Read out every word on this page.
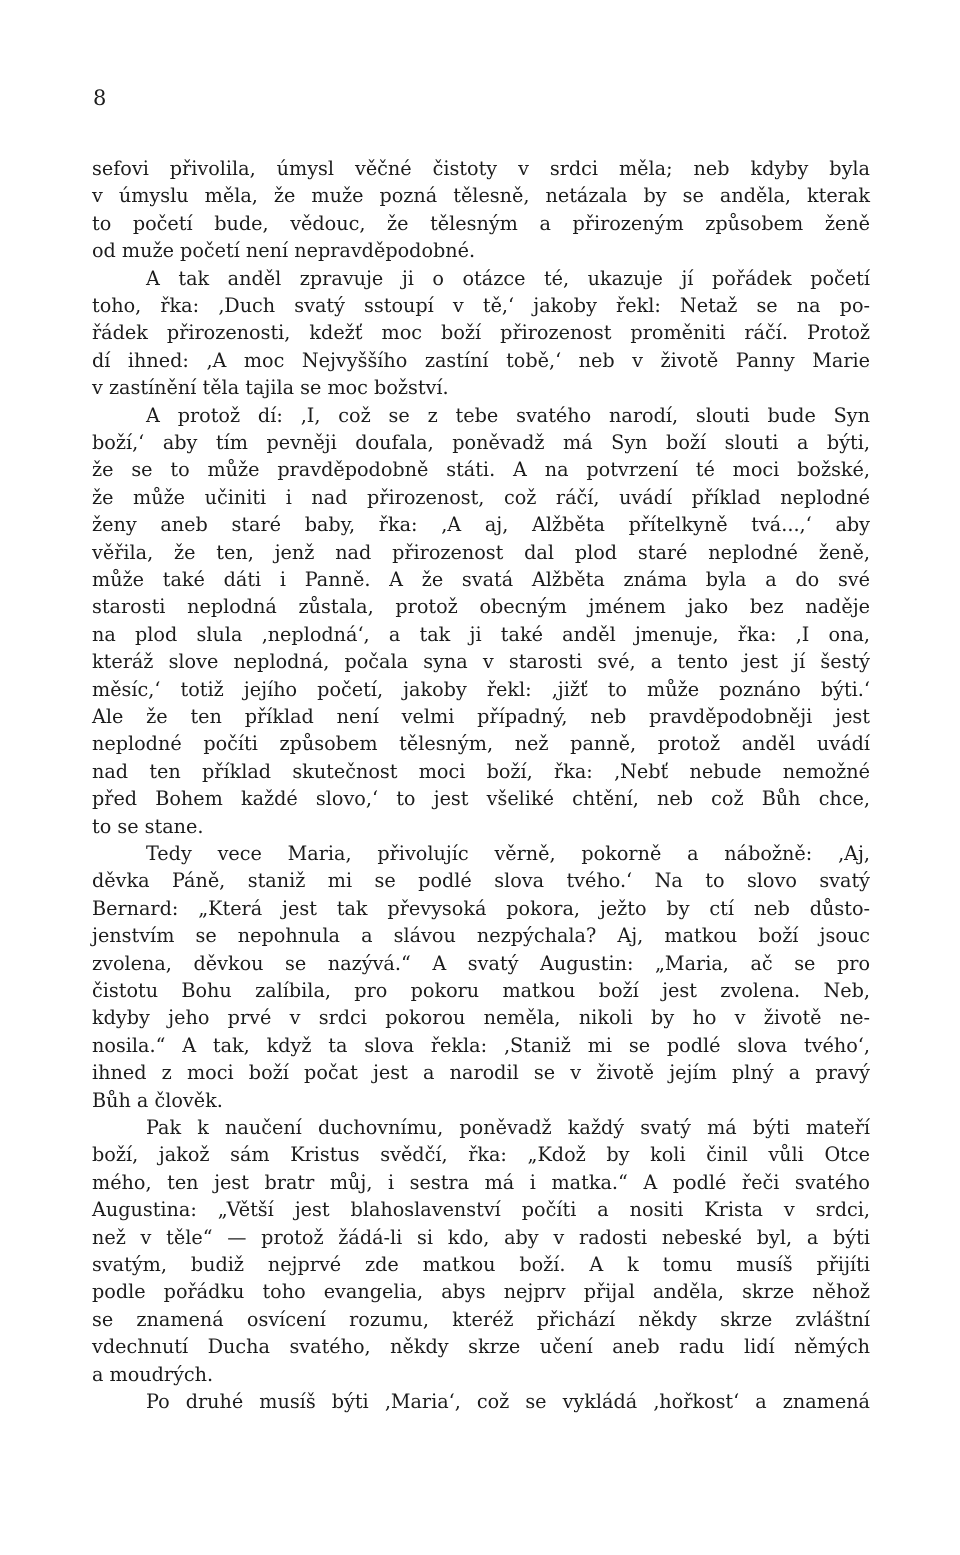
8
sefovi přivolila, úmysl věčné čistoty v srdci měla; neb kdyby byla
v úmyslu měla, že muže pozná tělesně, netázala by se anděla, kterak
to početí bude, vědouc, že tělesným a přirozeným způsobem ženě
od muže početí není nepravděpodobné.
A tak anděl zpravuje ji o otázce té, ukazuje jí pořádek početí
toho, řka: ‚Duch svatý sstoupí v tě,‘ jakoby řekl: Netaž se na po-
řádek přirozenosti, kdežť moc boží přirozenost proměniti ráčí. Protož
dí ihned: ‚A moc Nejvyššího zastíní tobě,‘ neb v životě Panny Marie
v zastínění těla tajila se moc božství.
A protož dí: ‚I, což se z tebe svatého narodí, slouti bude Syn
boží,‘ aby tím pevněji doufala, poněvadž má Syn boží slouti a býti,
že se to může pravděpodobně státi. A na potvrzení té moci božské,
že může učiniti i nad přirozenost, což ráčí, uvádí příklad neplodné
ženy aneb staré baby, řka: ‚A aj, Alžběta přítelkyně tvá...,‘ aby
věřila, že ten, jenž nad přirozenost dal plod staré neplodné ženě,
může také dáti i Panně. A že svatá Alžběta známa byla a do své
starosti neplodná zůstala, protož obecným jménem jako bez naděje
na plod slula ‚neplodná‘, a tak ji také anděl jmenuje, řka: ‚I ona,
kteráž slove neplodná, počala syna v starosti své, a tento jest jí šestý
měsíc,‘ totiž jejího početí, jakoby řekl: ‚jižť to může poznáno býti.‘
Ale že ten příklad není velmi případný, neb pravděpodobněji jest
neplodné počíti způsobem tělesným, než panně, protož anděl uvádí
nad ten příklad skutečnost moci boží, řka: ‚Nebť nebude nemožné
před Bohem každé slovo,‘ to jest všeliké chtění, neb což Bůh chce,
to se stane.
Tedy vece Maria, přivolujíc věrně, pokorně a nábožně: ‚Aj,
děvka Páně, staniž mi se podlé slova tvého.‘ Na to slovo svatý
Bernard: „Která jest tak převysoká pokora, ježto by ctí neb důsto-
jenstvím se nepohnula a slávou nezpýchala? Aj, matkou boží jsouc
zvolena, děvkou se nazývá.“ A svatý Augustin: „Maria, ač se pro
čistotu Bohu zalíbila, pro pokoru matkou boží jest zvolena. Neb,
kdyby jeho prvé v srdci pokorou neměla, nikoli by ho v životě ne-
nosila.“ A tak, když ta slova řekla: ‚Staniž mi se podlé slova tvého‘,
ihned z moci boží počat jest a narodil se v životě jejím plný a pravý
Bůh a člověk.
Pak k naučení duchovnímu, poněvadž každý svatý má býti mateří
boží, jakož sám Kristus svědčí, řka: „Kdož by koli činil vůli Otce
mého, ten jest bratr můj, i sestra má i matka.“ A podlé řeči svatého
Augustina: „Větší jest blahoslavenství počíti a nositi Krista v srdci,
než v těle“ — protož žádá-li si kdo, aby v radosti nebeské byl, a býti
svatým, budiž nejprvé zde matkou boží. A k tomu musíš přijíti
podle pořádku toho evangelia, abys nejprv přijal anděla, skrze něhož
se znamená osvícení rozumu, kteréž přichází někdy skrze zvláštní
vdechnutí Ducha svatého, někdy skrze učení aneb radu lidí němých
a moudrých.
Po druhé musíš býti ‚Maria‘, což se vykládá ‚hořkost‘ a znamená
